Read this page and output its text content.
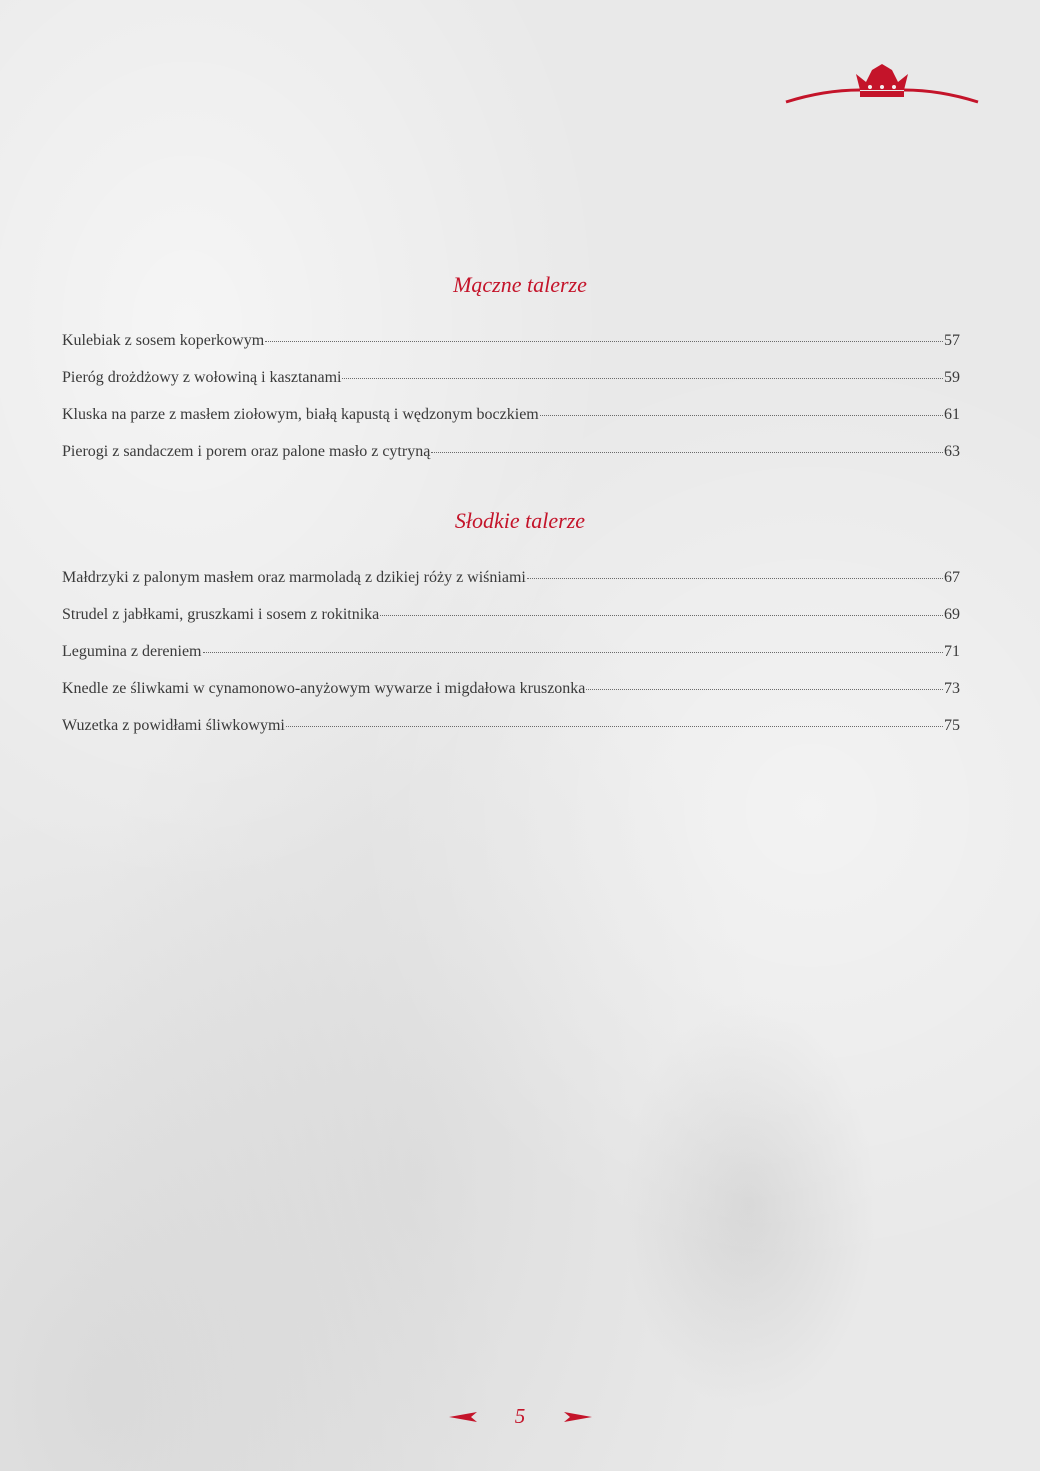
Mączne talerze
Kulebiak z sosem koperkowym	57
Pieróg drożdżowy z wołowiną i kasztanami	59
Kluska na parze z masłem ziołowym, białą kapustą i wędzonym boczkiem	61
Pierogi z sandaczem i porem oraz palone masło z cytryną	63
Słodkie talerze
Małdrzyki z palonym masłem oraz marmoladą z dzikiej róży z wiśniami	67
Strudel z jabłkami, gruszkami i sosem z rokitnika	69
Legumina z dereniem	71
Knedle ze śliwkami w cynamonowo-anyżowym wywarze i migdałowa kruszonka	73
Wuzetka z powidłami śliwkowymi	75
5
